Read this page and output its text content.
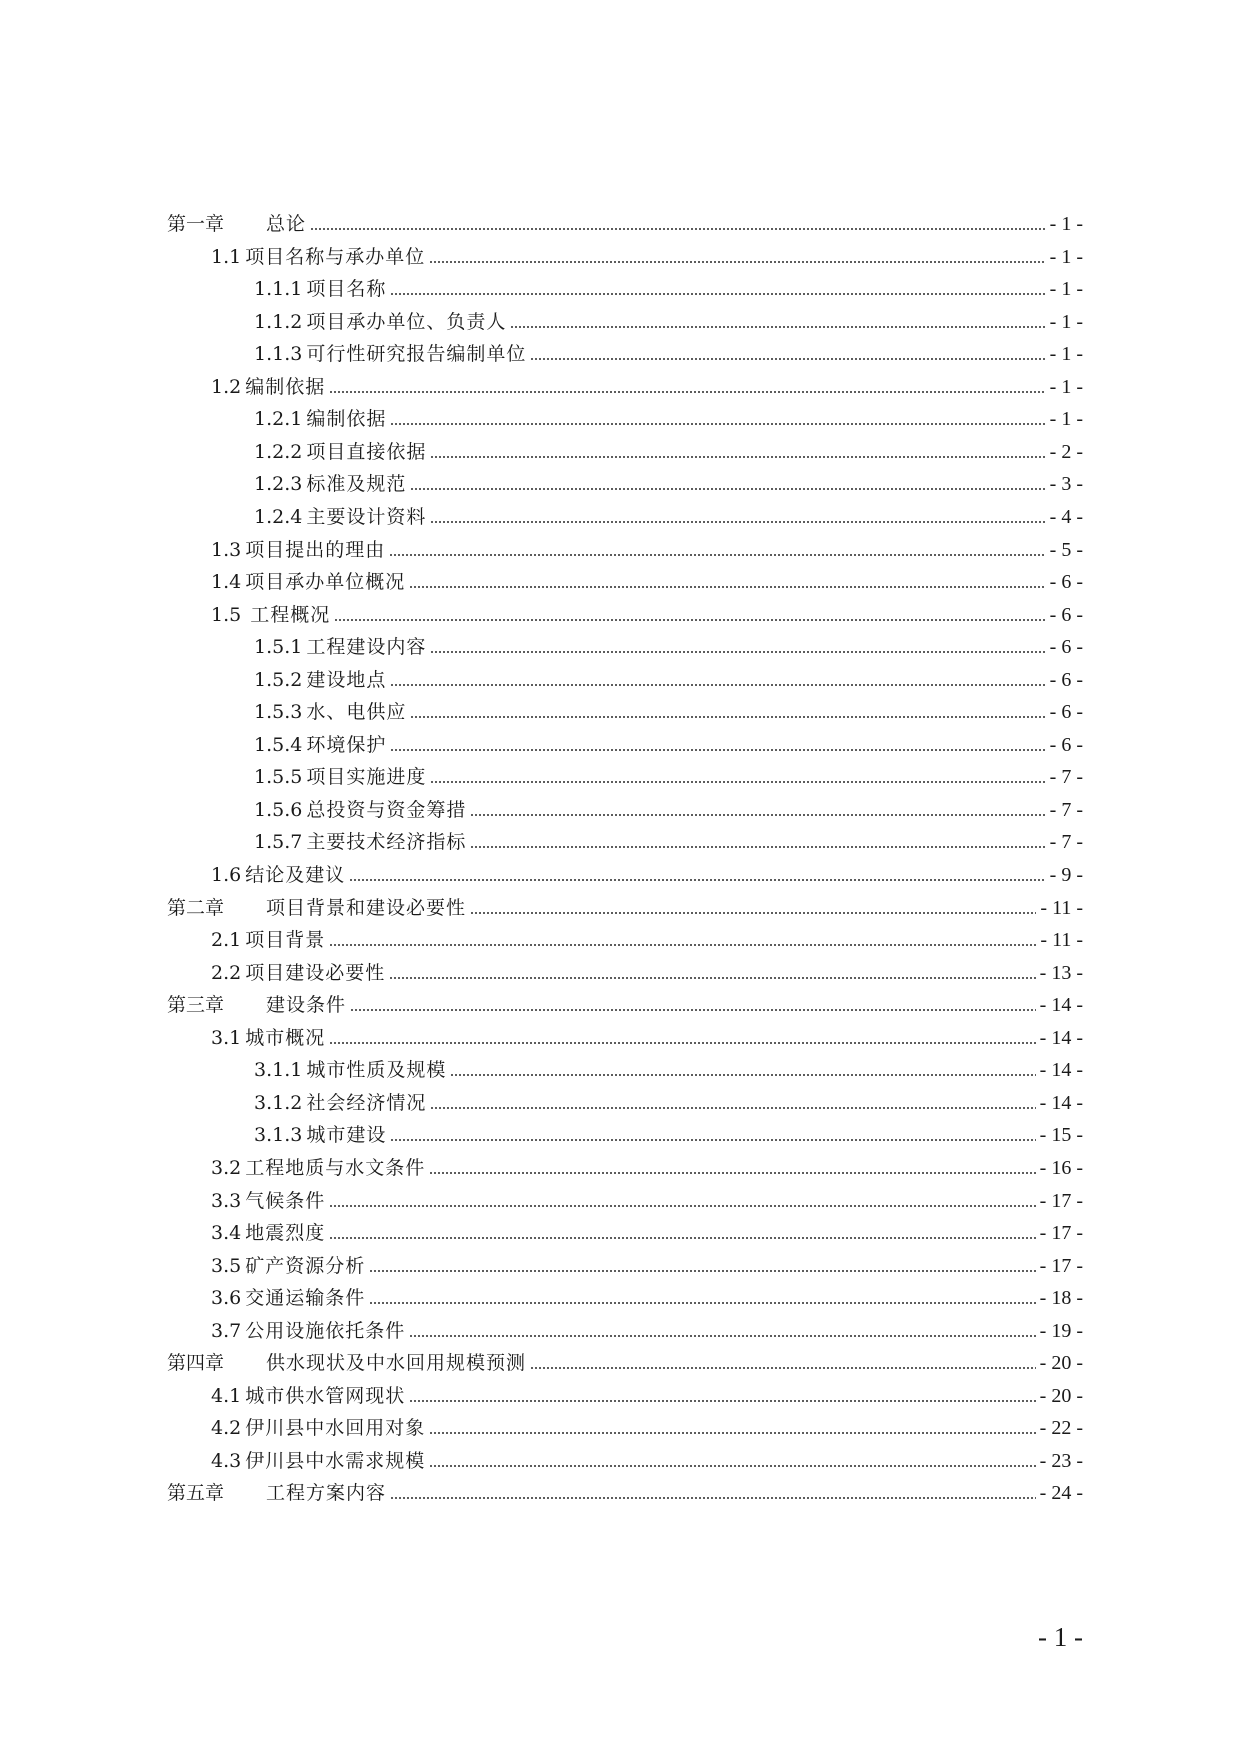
第一章	总论	- 1 -
1.1 项目名称与承办单位	- 1 -
1.1.1 项目名称	- 1 -
1.1.2 项目承办单位、负责人	- 1 -
1.1.3 可行性研究报告编制单位	- 1 -
1.2 编制依据	- 1 -
1.2.1 编制依据	- 1 -
1.2.2 项目直接依据	- 2 -
1.2.3 标准及规范	- 3 -
1.2.4 主要设计资料	- 4 -
1.3 项目提出的理由	- 5 -
1.4 项目承办单位概况	- 6 -
1.5 工程概况	- 6 -
1.5.1 工程建设内容	- 6 -
1.5.2 建设地点	- 6 -
1.5.3 水、电供应	- 6 -
1.5.4 环境保护	- 6 -
1.5.5 项目实施进度	- 7 -
1.5.6 总投资与资金筹措	- 7 -
1.5.7 主要技术经济指标	- 7 -
1.6 结论及建议	- 9 -
第二章	项目背景和建设必要性	- 11 -
2.1 项目背景	- 11 -
2.2 项目建设必要性	- 13 -
第三章	建设条件	- 14 -
3.1 城市概况	- 14 -
3.1.1 城市性质及规模	- 14 -
3.1.2 社会经济情况	- 14 -
3.1.3 城市建设	- 15 -
3.2 工程地质与水文条件	- 16 -
3.3 气候条件	- 17 -
3.4 地震烈度	- 17 -
3.5 矿产资源分析	- 17 -
3.6 交通运输条件	- 18 -
3.7 公用设施依托条件	- 19 -
第四章	供水现状及中水回用规模预测	- 20 -
4.1 城市供水管网现状	- 20 -
4.2 伊川县中水回用对象	- 22 -
4.3 伊川县中水需求规模	- 23 -
第五章	工程方案内容	- 24 -
- 1 -
